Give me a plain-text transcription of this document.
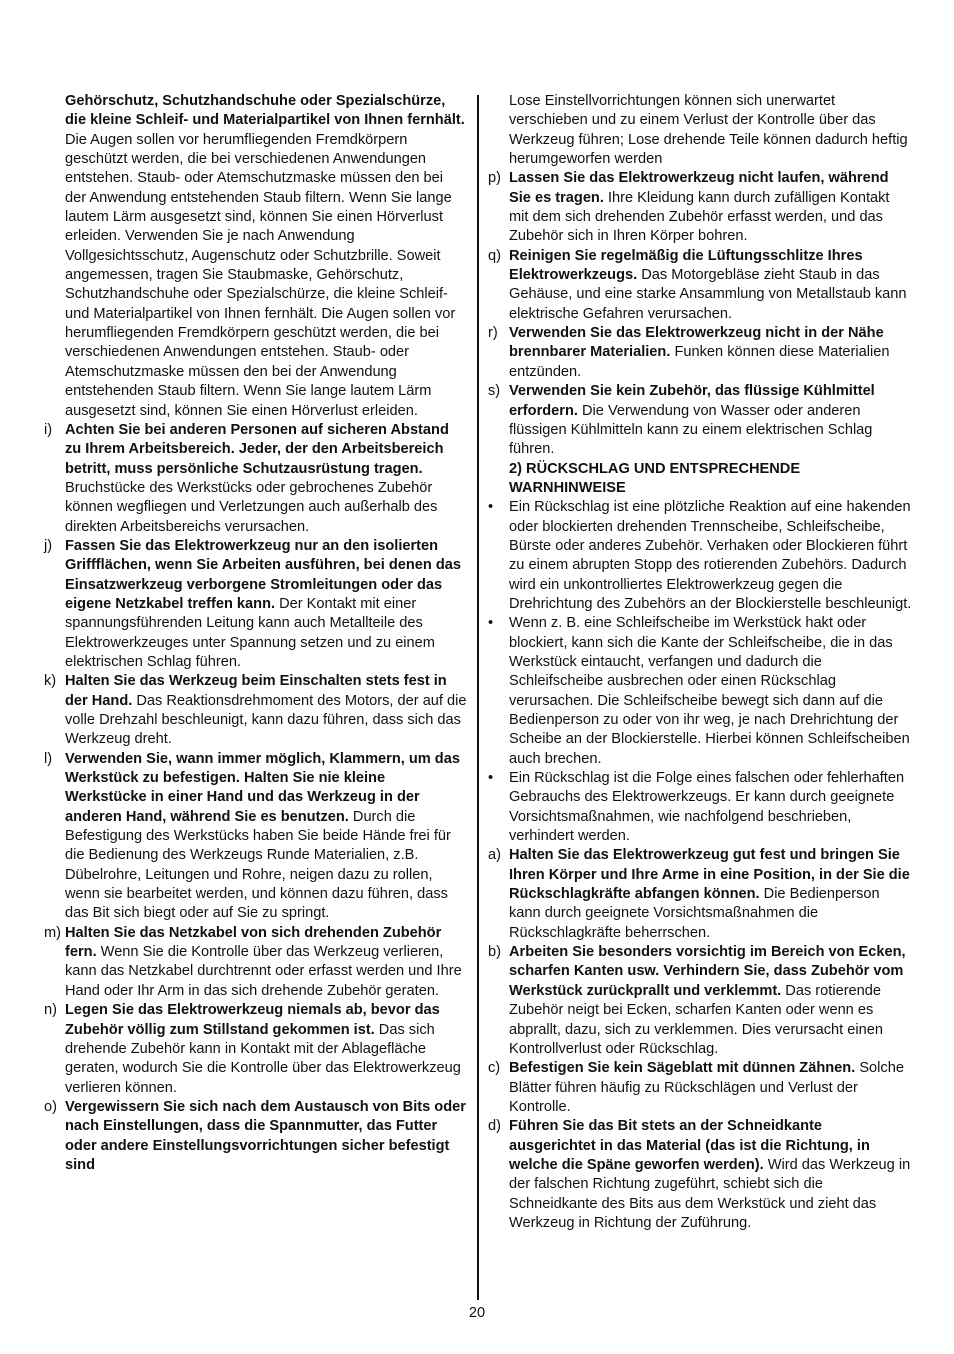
Gehörschutz, Schutzhandschuhe oder Spezialschürze, die kleine Schleif- und Materialpartikel von Ihnen fernhält. Die Augen sollen vor herumfliegenden Fremdkörpern geschützt werden, die bei verschiedenen Anwendungen entstehen. Staub- oder Atemschutzmaske müssen den bei der Anwendung entstehenden Staub filtern. Wenn Sie lange lautem Lärm ausgesetzt sind, können Sie einen Hörverlust erleiden. Verwenden Sie je nach Anwendung Vollgesichtsschutz, Augenschutz oder Schutzbrille. Soweit angemessen, tragen Sie Staubmaske, Gehörschutz, Schutzhandschuhe oder Spezialschürze, die kleine Schleif- und Materialpartikel von Ihnen fernhält. Die Augen sollen vor herumfliegenden Fremdkörpern geschützt werden, die bei verschiedenen Anwendungen entstehen. Staub- oder Atemschutzmaske müssen den bei der Anwendung entstehenden Staub filtern. Wenn Sie lange lautem Lärm ausgesetzt sind, können Sie einen Hörverlust erleiden.

i) Achten Sie bei anderen Personen auf sicheren Abstand zu Ihrem Arbeitsbereich. Jeder, der den Arbeitsbereich betritt, muss persönliche Schutzausrüstung tragen. Bruchstücke des Werkstücks oder gebrochenes Zubehör können wegfliegen und Verletzungen auch außerhalb des direkten Arbeitsbereichs verursachen.

j) Fassen Sie das Elektrowerkzeug nur an den isolierten Griffflächen, wenn Sie Arbeiten ausführen, bei denen das Einsatzwerkzeug verborgene Stromleitungen oder das eigene Netzkabel treffen kann. Der Kontakt mit einer spannungsführenden Leitung kann auch Metallteile des Elektrowerkzeuges unter Spannung setzen und zu einem elektrischen Schlag führen.

k) Halten Sie das Werkzeug beim Einschalten stets fest in der Hand. Das Reaktionsdrehmoment des Motors, der auf die volle Drehzahl beschleunigt, kann dazu führen, dass sich das Werkzeug dreht.

l) Verwenden Sie, wann immer möglich, Klammern, um das Werkstück zu befestigen. Halten Sie nie kleine Werkstücke in einer Hand und das Werkzeug in der anderen Hand, während Sie es benutzen. Durch die Befestigung des Werkstücks haben Sie beide Hände frei für die Bedienung des Werkzeugs Runde Materialien, z.B. Dübelrohre, Leitungen und Rohre, neigen dazu zu rollen, wenn sie bearbeitet werden, und können dazu führen, dass das Bit sich biegt oder auf Sie zu springt.

m) Halten Sie das Netzkabel von sich drehenden Zubehör fern. Wenn Sie die Kontrolle über das Werkzeug verlieren, kann das Netzkabel durchtrennt oder erfasst werden und Ihre Hand oder Ihr Arm in das sich drehende Zubehör geraten.

n) Legen Sie das Elektrowerkzeug niemals ab, bevor das Zubehör völlig zum Stillstand gekommen ist. Das sich drehende Zubehör kann in Kontakt mit der Ablagefläche geraten, wodurch Sie die Kontrolle über das Elektrowerkzeug verlieren können.

o) Vergewissern Sie sich nach dem Austausch von Bits oder nach Einstellungen, dass die Spannmutter, das Futter oder andere Einstellungsvorrichtungen sicher befestigt sind

Lose Einstellvorrichtungen können sich unerwartet verschieben und zu einem Verlust der Kontrolle über das Werkzeug führen; Lose drehende Teile können dadurch heftig herumgeworfen werden

p) Lassen Sie das Elektrowerkzeug nicht laufen, während Sie es tragen. Ihre Kleidung kann durch zufälligen Kontakt mit dem sich drehenden Zubehör erfasst werden, und das Zubehör sich in Ihren Körper bohren.

q) Reinigen Sie regelmäßig die Lüftungsschlitze Ihres Elektrowerkzeugs. Das Motorgebläse zieht Staub in das Gehäuse, und eine starke Ansammlung von Metallstaub kann elektrische Gefahren verursachen.

r) Verwenden Sie das Elektrowerkzeug nicht in der Nähe brennbarer Materialien. Funken können diese Materialien entzünden.

s) Verwenden Sie kein Zubehör, das flüssige Kühlmittel erfordern. Die Verwendung von Wasser oder anderen flüssigen Kühlmitteln kann zu einem elektrischen Schlag führen.

2) RÜCKSCHLAG UND ENTSPRECHENDE
WARNHINWEISE

• Ein Rückschlag ist eine plötzliche Reaktion auf eine hakenden oder blockierten drehenden Trennscheibe, Schleifscheibe, Bürste oder anderes Zubehör. Verhaken oder Blockieren führt zu einem abrupten Stopp des rotierenden Zubehörs. Dadurch wird ein unkontrolliertes Elektrowerkzeug gegen die Drehrichtung des Zubehörs an der Blockierstelle beschleunigt.

• Wenn z. B. eine Schleifscheibe im Werkstück hakt oder blockiert, kann sich die Kante der Schleifscheibe, die in das Werkstück eintaucht, verfangen und dadurch die Schleifscheibe ausbrechen oder einen Rückschlag verursachen. Die Schleifscheibe bewegt sich dann auf die Bedienperson zu oder von ihr weg, je nach Drehrichtung der Scheibe an der Blockierstelle. Hierbei können Schleifscheiben auch brechen.

• Ein Rückschlag ist die Folge eines falschen oder fehlerhaften Gebrauchs des Elektrowerkzeugs. Er kann durch geeignete Vorsichtsmaßnahmen, wie nachfolgend beschrieben, verhindert werden.

a) Halten Sie das Elektrowerkzeug gut fest und bringen Sie Ihren Körper und Ihre Arme in eine Position, in der Sie die Rückschlagkräfte abfangen können. Die Bedienperson kann durch geeignete Vorsichtsmaßnahmen die Rückschlagkräfte beherrschen.

b) Arbeiten Sie besonders vorsichtig im Bereich von Ecken, scharfen Kanten usw. Verhindern Sie, dass Zubehör vom Werkstück zurückprallt und verklemmt. Das rotierende Zubehör neigt bei Ecken, scharfen Kanten oder wenn es abprallt, dazu, sich zu verklemmen. Dies verursacht einen Kontrollverlust oder Rückschlag.

c) Befestigen Sie kein Sägeblatt mit dünnen Zähnen. Solche Blätter führen häufig zu Rückschlägen und Verlust der Kontrolle.

d) Führen Sie das Bit stets an der Schneidkante ausgerichtet in das Material (das ist die Richtung, in welche die Späne geworfen werden). Wird das Werkzeug in der falschen Richtung zugeführt, schiebt sich die Schneidkante des Bits aus dem Werkstück und zieht das Werkzeug in Richtung der Zuführung.

20
